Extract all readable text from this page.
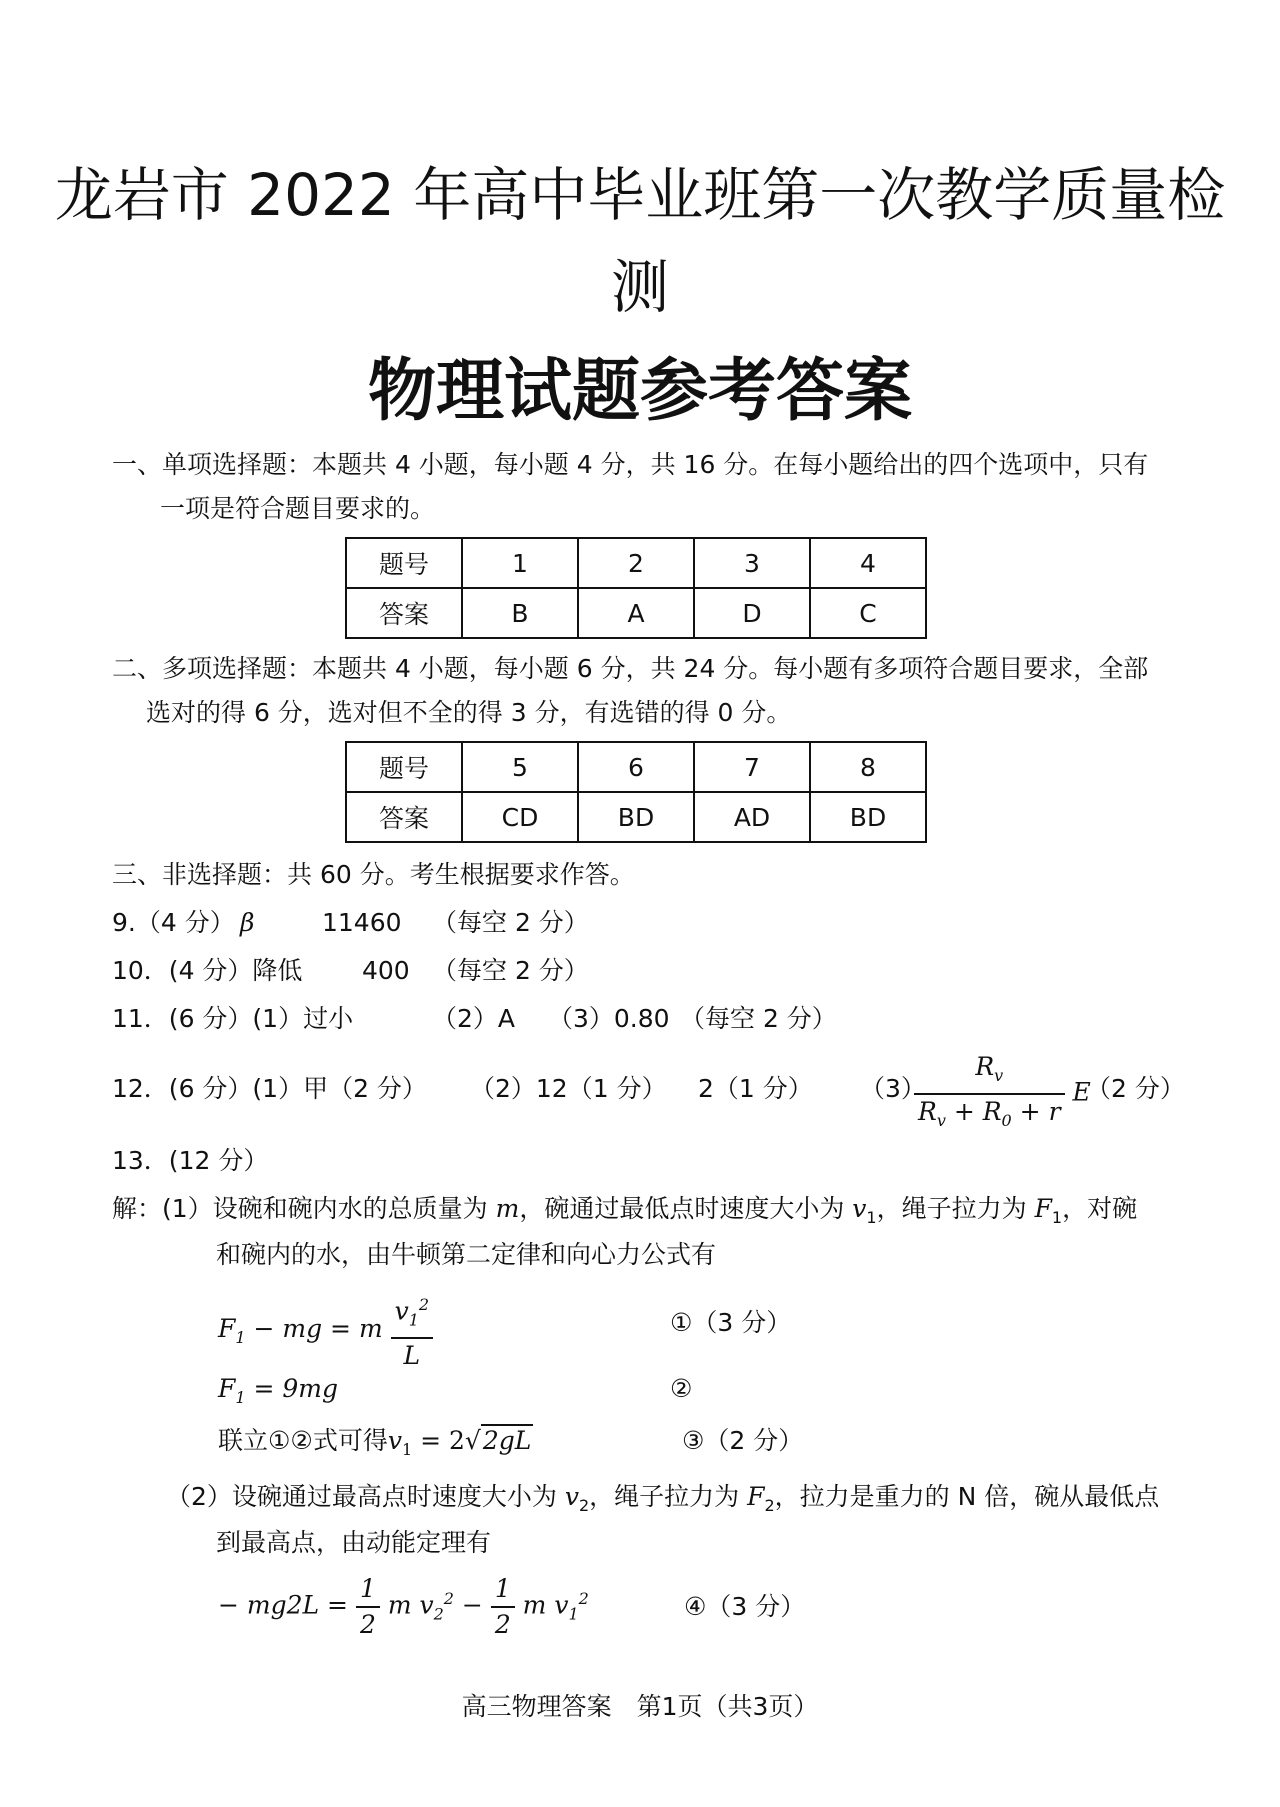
龙岩市 2022 年高中毕业班第一次教学质量检
测
物理试题参考答案
一、单项选择题：本题共 4 小题，每小题 4 分，共 16 分。在每小题给出的四个选项中，只有
一项是符合题目要求的。
题号	1	2	3	4
答案	B	A	D	C
二、多项选择题：本题共 4 小题，每小题 6 分，共 24 分。每小题有多项符合题目要求，全部
选对的得 6 分，选对但不全的得 3 分，有选错的得 0 分。
题号	5	6	7	8
答案	CD	BD	AD	BD
三、非选择题：共 60 分。考生根据要求作答。
9.（4 分） β	11460 （每空 2 分）
10．(4 分）降低 400 （每空 2 分）
11．(6 分）(1）过小	（2）A （3）0.80 （每空 2 分）
12．(6 分）(1）甲（2 分） （2）12（1 分） 2（1 分） （3）
$\frac{R_v}{R_v + R_0 + r}$ E
（2 分）
13．(12 分）
解：(1）设碗和碗内水的总质量为 m，碗通过最低点时速度大小为 $v_1$，绳子拉力为 $F_1$，对碗
和碗内的水，由牛顿第二定律和向心力公式有
$F_1$ − mg = m $\frac{v_1^2}{L}$	①（3 分）
$F_1 = 9mg$	②
联立①②式可得$v_1 = 2√2gL$	③（2 分）
（2）设碗通过最高点时速度大小为 $v_2$，绳子拉力为 $F_2$，拉力是重力的 N 倍，碗从最低点
到最高点，由动能定理有
− $mg2L = \frac{1}{2}$ m $v_2^2 - \frac{1}{2}$ m $v_1^2$	④（3 分）
高三物理答案　第1页（共3页）
